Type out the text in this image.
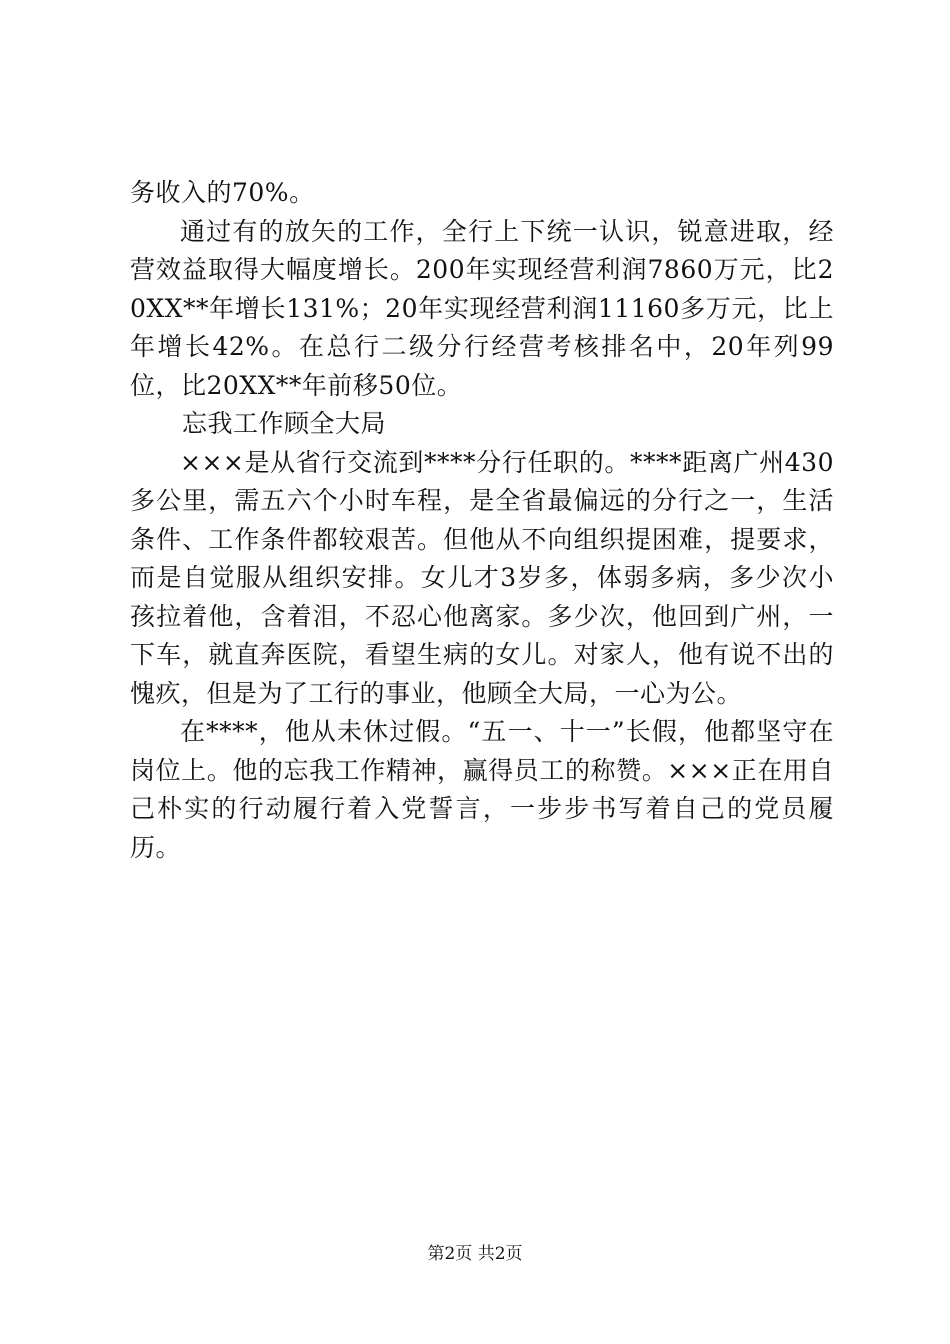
务收入的70%。

通过有的放矢的工作，全行上下统一认识，锐意进取，经营效益取得大幅度增长。200年实现经营利润7860万元，比20XX**年增长131%；20年实现经营利润11160多万元，比上年增长42%。在总行二级分行经营考核排名中，20年列99位，比20XX**年前移50位。

忘我工作顾全大局

×××是从省行交流到****分行任职的。****距离广州430多公里，需五六个小时车程，是全省最偏远的分行之一，生活条件、工作条件都较艰苦。但他从不向组织提困难，提要求，而是自觉服从组织安排。女儿才3岁多，体弱多病，多少次小孩拉着他，含着泪，不忍心他离家。多少次，他回到广州，一下车，就直奔医院，看望生病的女儿。对家人，他有说不出的愧疚，但是为了工行的事业，他顾全大局，一心为公。

在****，他从未休过假。“五一、十一”长假，他都坚守在岗位上。他的忘我工作精神，赢得员工的称赞。×××正在用自己朴实的行动履行着入党誓言，一步步书写着自己的党员履历。

第2页 共2页
